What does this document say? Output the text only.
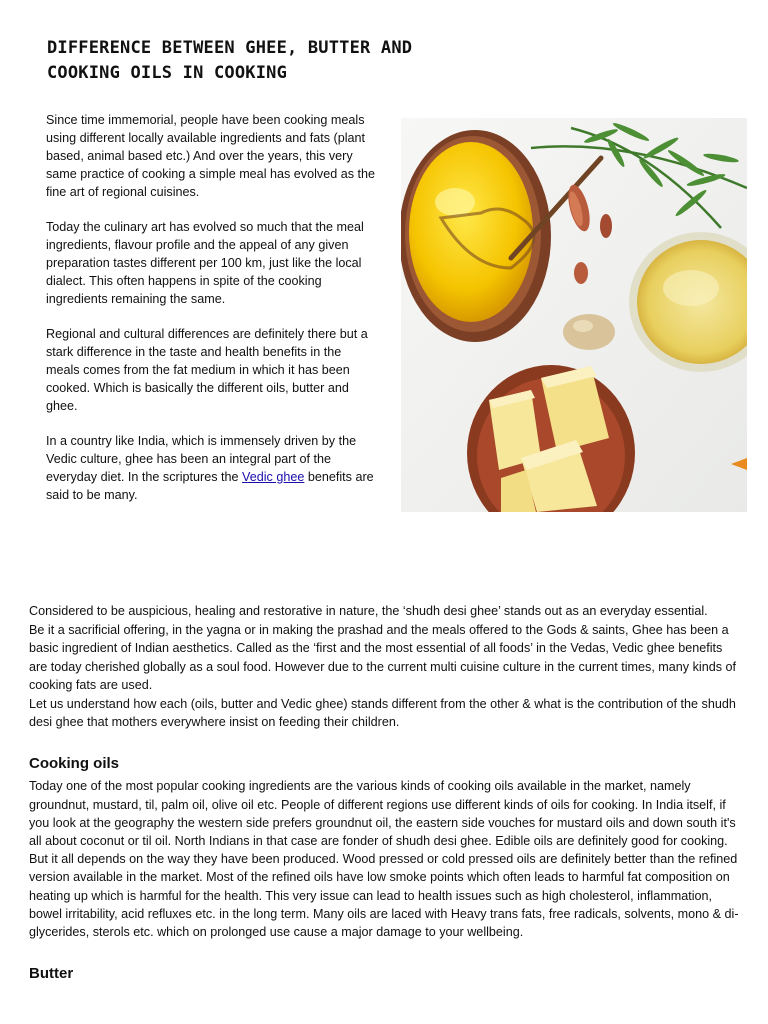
DIFFERENCE BETWEEN GHEE, BUTTER AND
COOKING OILS IN COOKING

Since time immemorial, people have been cooking meals using different locally available ingredients and fats (plant based, animal based etc.) And over the years, this very same practice of cooking a simple meal has evolved as the fine art of regional cuisines.

Today the culinary art has evolved so much that the meal ingredients, flavour profile and the appeal of any given preparation tastes different per 100 km, just like the local dialect. This often happens in spite of the cooking ingredients remaining the same.

Regional and cultural differences are definitely there but a stark difference in the taste and health benefits in the meals comes from the fat medium in which it has been cooked. Which is basically the different oils, butter and ghee.

In a country like India, which is immensely driven by the Vedic culture, ghee has been an integral part of the everyday diet. In the scriptures the Vedic ghee benefits are said to be many.

Considered to be auspicious, healing and restorative in nature, the ‘shudh desi ghee’ stands out as an everyday essential.

Be it a sacrificial offering, in the yagna or in making the prashad and the meals offered to the Gods & saints, Ghee has been a basic ingredient of Indian aesthetics. Called as the ‘first and the most essential of all foods’ in the Vedas, Vedic ghee benefits are today cherished globally as a soul food. However due to the current multi cuisine culture in the current times, many kinds of cooking fats are used.

Let us understand how each (oils, butter and Vedic ghee) stands different from the other & what is the contribution of the shudh desi ghee that mothers everywhere insist on feeding their children.

Cooking oils

Today one of the most popular cooking ingredients are the various kinds of cooking oils available in the market, namely groundnut, mustard, til, palm oil, olive oil etc. People of different regions use different kinds of oils for cooking. In India itself, if you look at the geography the western side prefers groundnut oil, the eastern side vouches for mustard oils and down south it's all about coconut or til oil. North Indians in that case are fonder of shudh desi ghee. Edible oils are definitely good for cooking. But it all depends on the way they have been produced. Wood pressed or cold pressed oils are definitely better than the refined version available in the market. Most of the refined oils have low smoke points which often leads to harmful fat composition on heating up which is harmful for the health. This very issue can lead to health issues such as high cholesterol, inflammation, bowel irritability, acid refluxes etc. in the long term. Many oils are laced with Heavy trans fats, free radicals, solvents, mono & di-glycerides, sterols etc. which on prolonged use cause a major damage to your wellbeing.

Butter
